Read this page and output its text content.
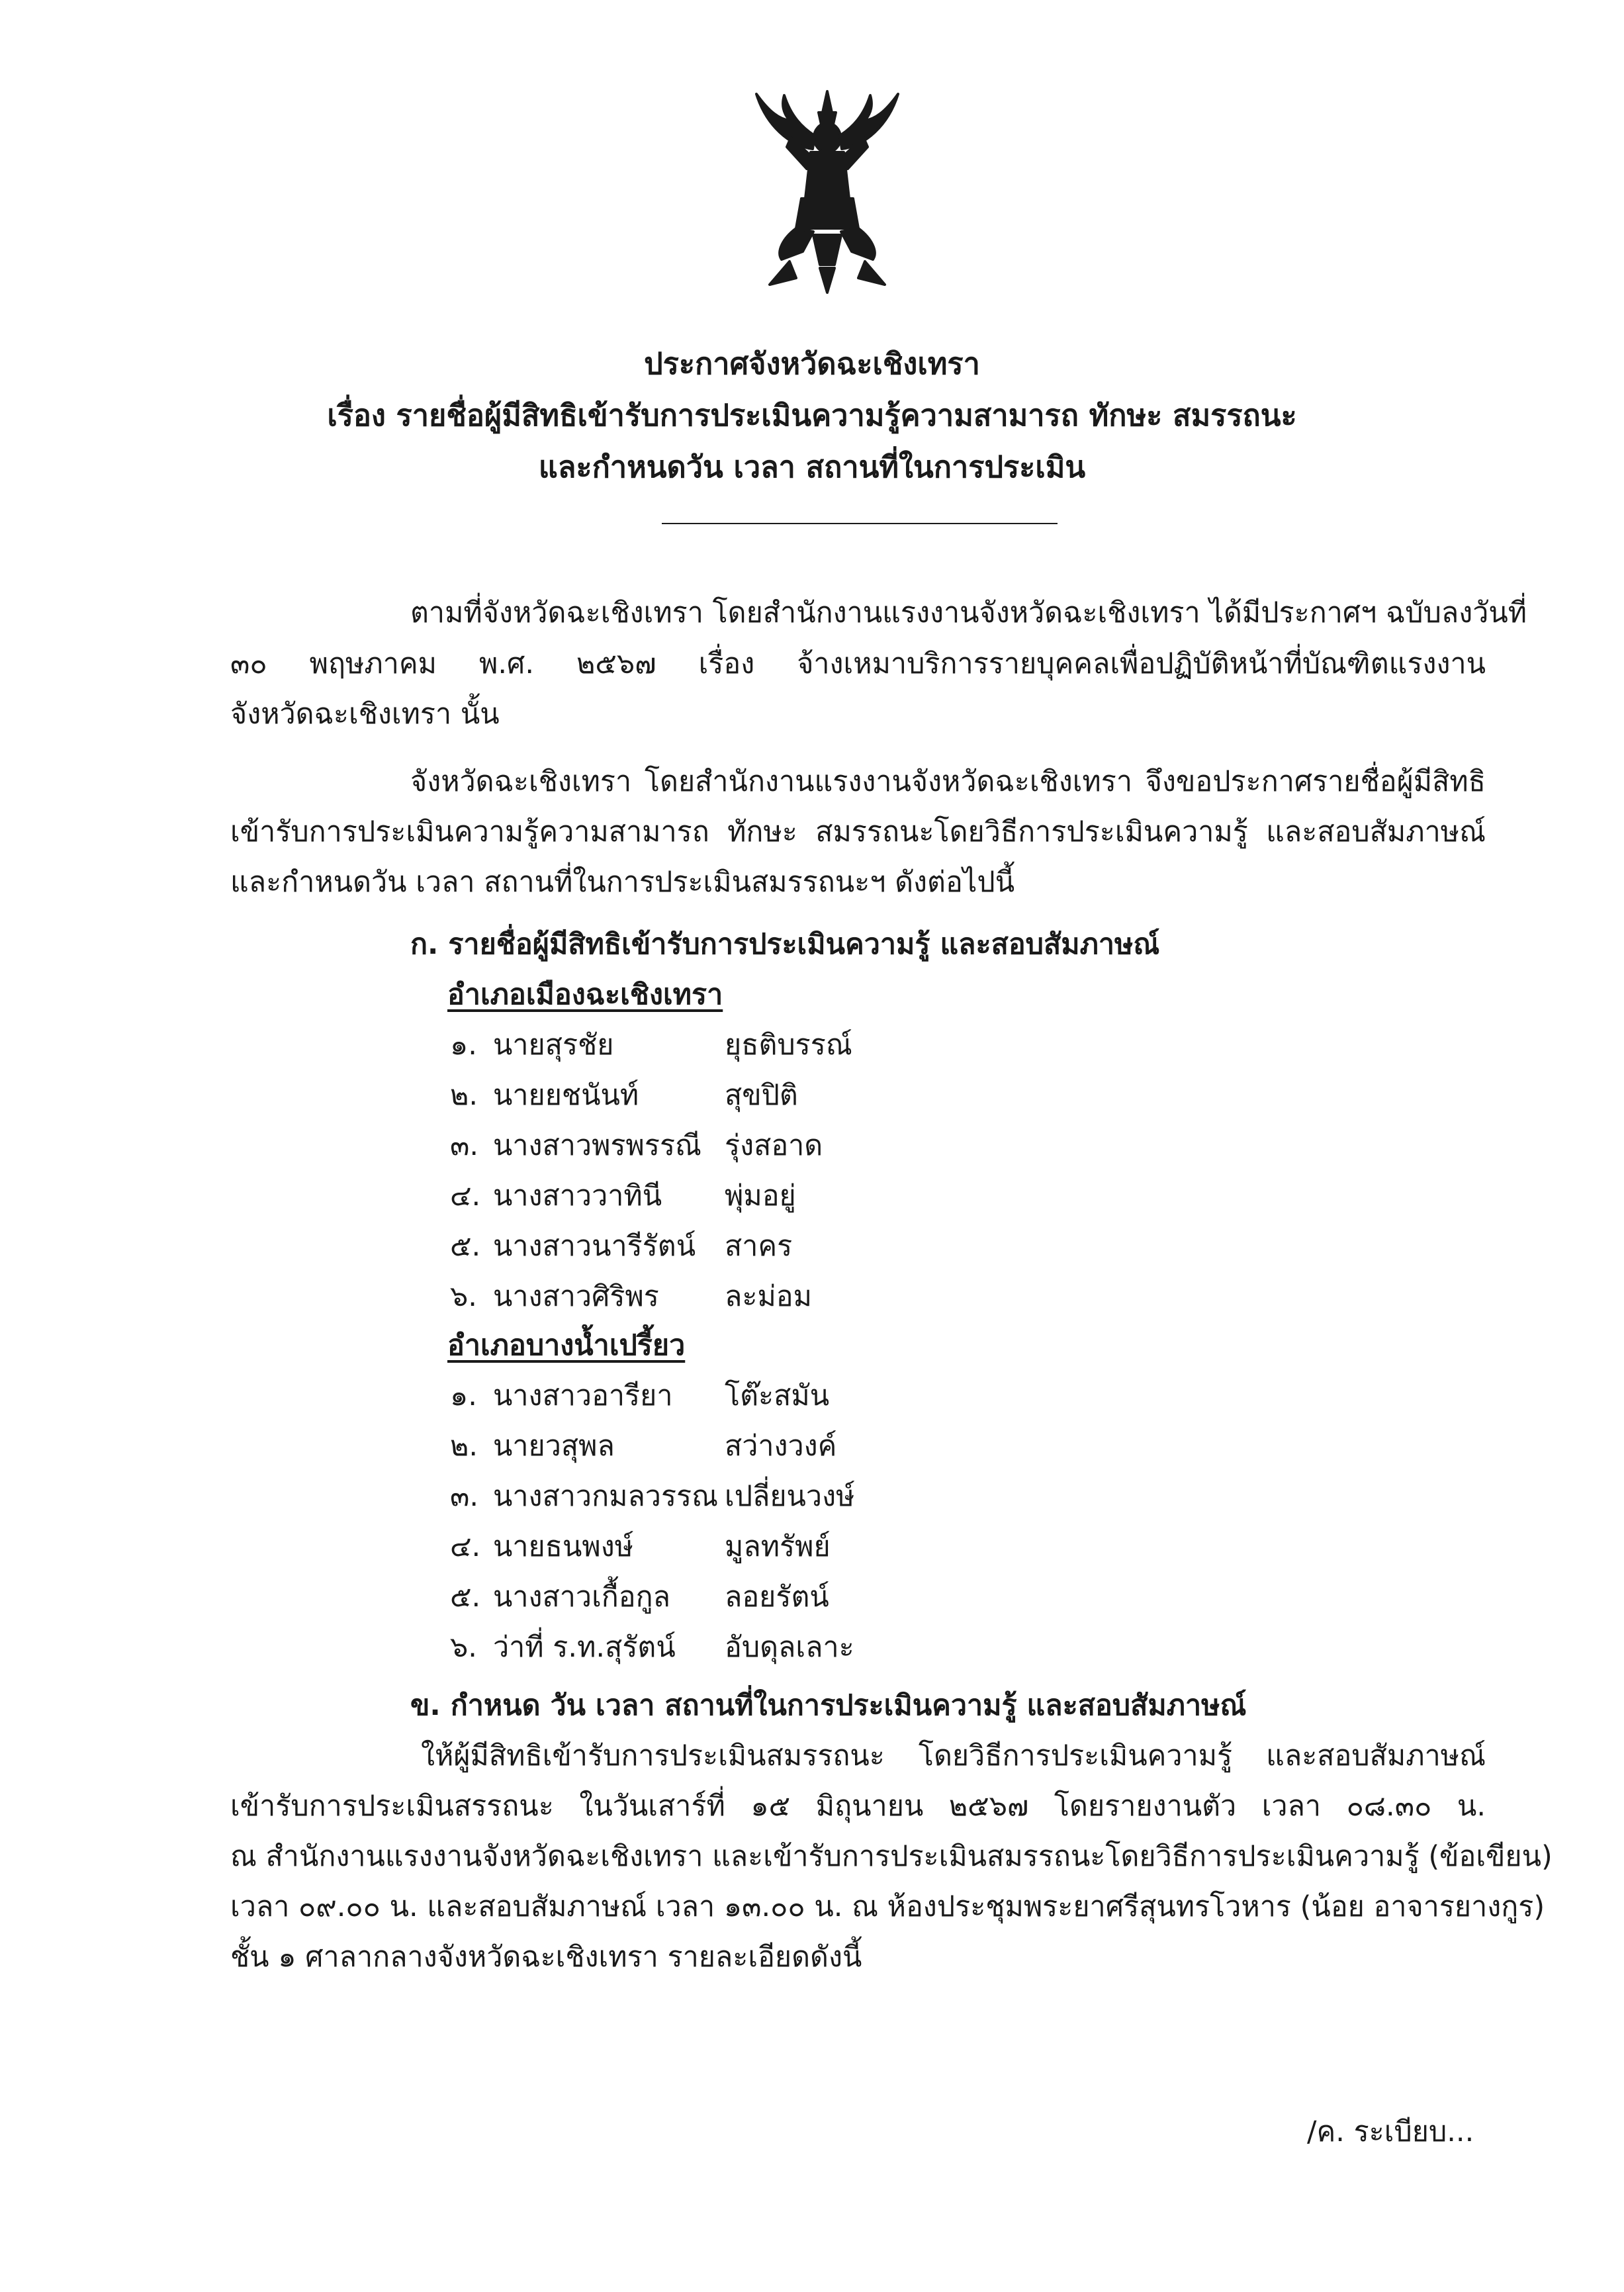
ประกาศจังหวัดฉะเชิงเทรา
เรื่อง รายชื่อผู้มีสิทธิเข้ารับการประเมินความรู้ความสามารถ ทักษะ สมรรถนะ
และกำหนดวัน เวลา สถานที่ในการประเมิน
ตามที่จังหวัดฉะเชิงเทรา โดยสำนักงานแรงงานจังหวัดฉะเชิงเทรา ได้มีประกาศฯ ฉบับลงวันที่
๓๐ พฤษภาคม พ.ศ. ๒๕๖๗ เรื่อง จ้างเหมาบริการรายบุคคลเพื่อปฏิบัติหน้าที่บัณฑิตแรงงาน
จังหวัดฉะเชิงเทรา นั้น
จังหวัดฉะเชิงเทรา โดยสำนักงานแรงงานจังหวัดฉะเชิงเทรา จึงขอประกาศรายชื่อผู้มีสิทธิ
เข้ารับการประเมินความรู้ความสามารถ ทักษะ สมรรถนะโดยวิธีการประเมินความรู้ และสอบสัมภาษณ์
และกำหนดวัน เวลา สถานที่ในการประเมินสมรรถนะฯ ดังต่อไปนี้
ก. รายชื่อผู้มีสิทธิเข้ารับการประเมินความรู้ และสอบสัมภาษณ์
อำเภอเมืองฉะเชิงเทรา
๑. นายสุรชัย	ยุธติบรรณ์
๒. นายยชนันท์	สุขปิติ
๓. นางสาวพรพรรณี รุ่งสอาด
๔. นางสาววาทินี พุ่มอยู่
๕. นางสาวนารีรัตน์ สาคร
๖. นางสาวศิริพร ละม่อม
อำเภอบางน้ำเปรี้ยว
๑. นางสาวอารียา โต๊ะสมัน
๒. นายวสุพล	สว่างวงค์
๓. นางสาวกมลวรรณ เปลี่ยนวงษ์
๔. นายธนพงษ์	มูลทรัพย์
๕. นางสาวเกื้อกูล ลอยรัตน์
๖. ว่าที่ ร.ท.สุรัตน์ อับดุลเลาะ
ข. กำหนด วัน เวลา สถานที่ในการประเมินความรู้ และสอบสัมภาษณ์
ให้ผู้มีสิทธิเข้ารับการประเมินสมรรถนะ โดยวิธีการประเมินความรู้ และสอบสัมภาษณ์
เข้ารับการประเมินสรรถนะ ในวันเสาร์ที่ ๑๕ มิถุนายน ๒๕๖๗ โดยรายงานตัว เวลา ๐๘.๓๐ น.
ณ สำนักงานแรงงานจังหวัดฉะเชิงเทรา และเข้ารับการประเมินสมรรถนะโดยวิธีการประเมินความรู้ (ข้อเขียน)
เวลา ๐๙.๐๐ น. และสอบสัมภาษณ์ เวลา ๑๓.๐๐ น. ณ ห้องประชุมพระยาศรีสุนทรโวหาร (น้อย อาจารยางกูร)
ชั้น ๑ ศาลากลางจังหวัดฉะเชิงเทรา รายละเอียดดังนี้
/ค. ระเบียบ...
